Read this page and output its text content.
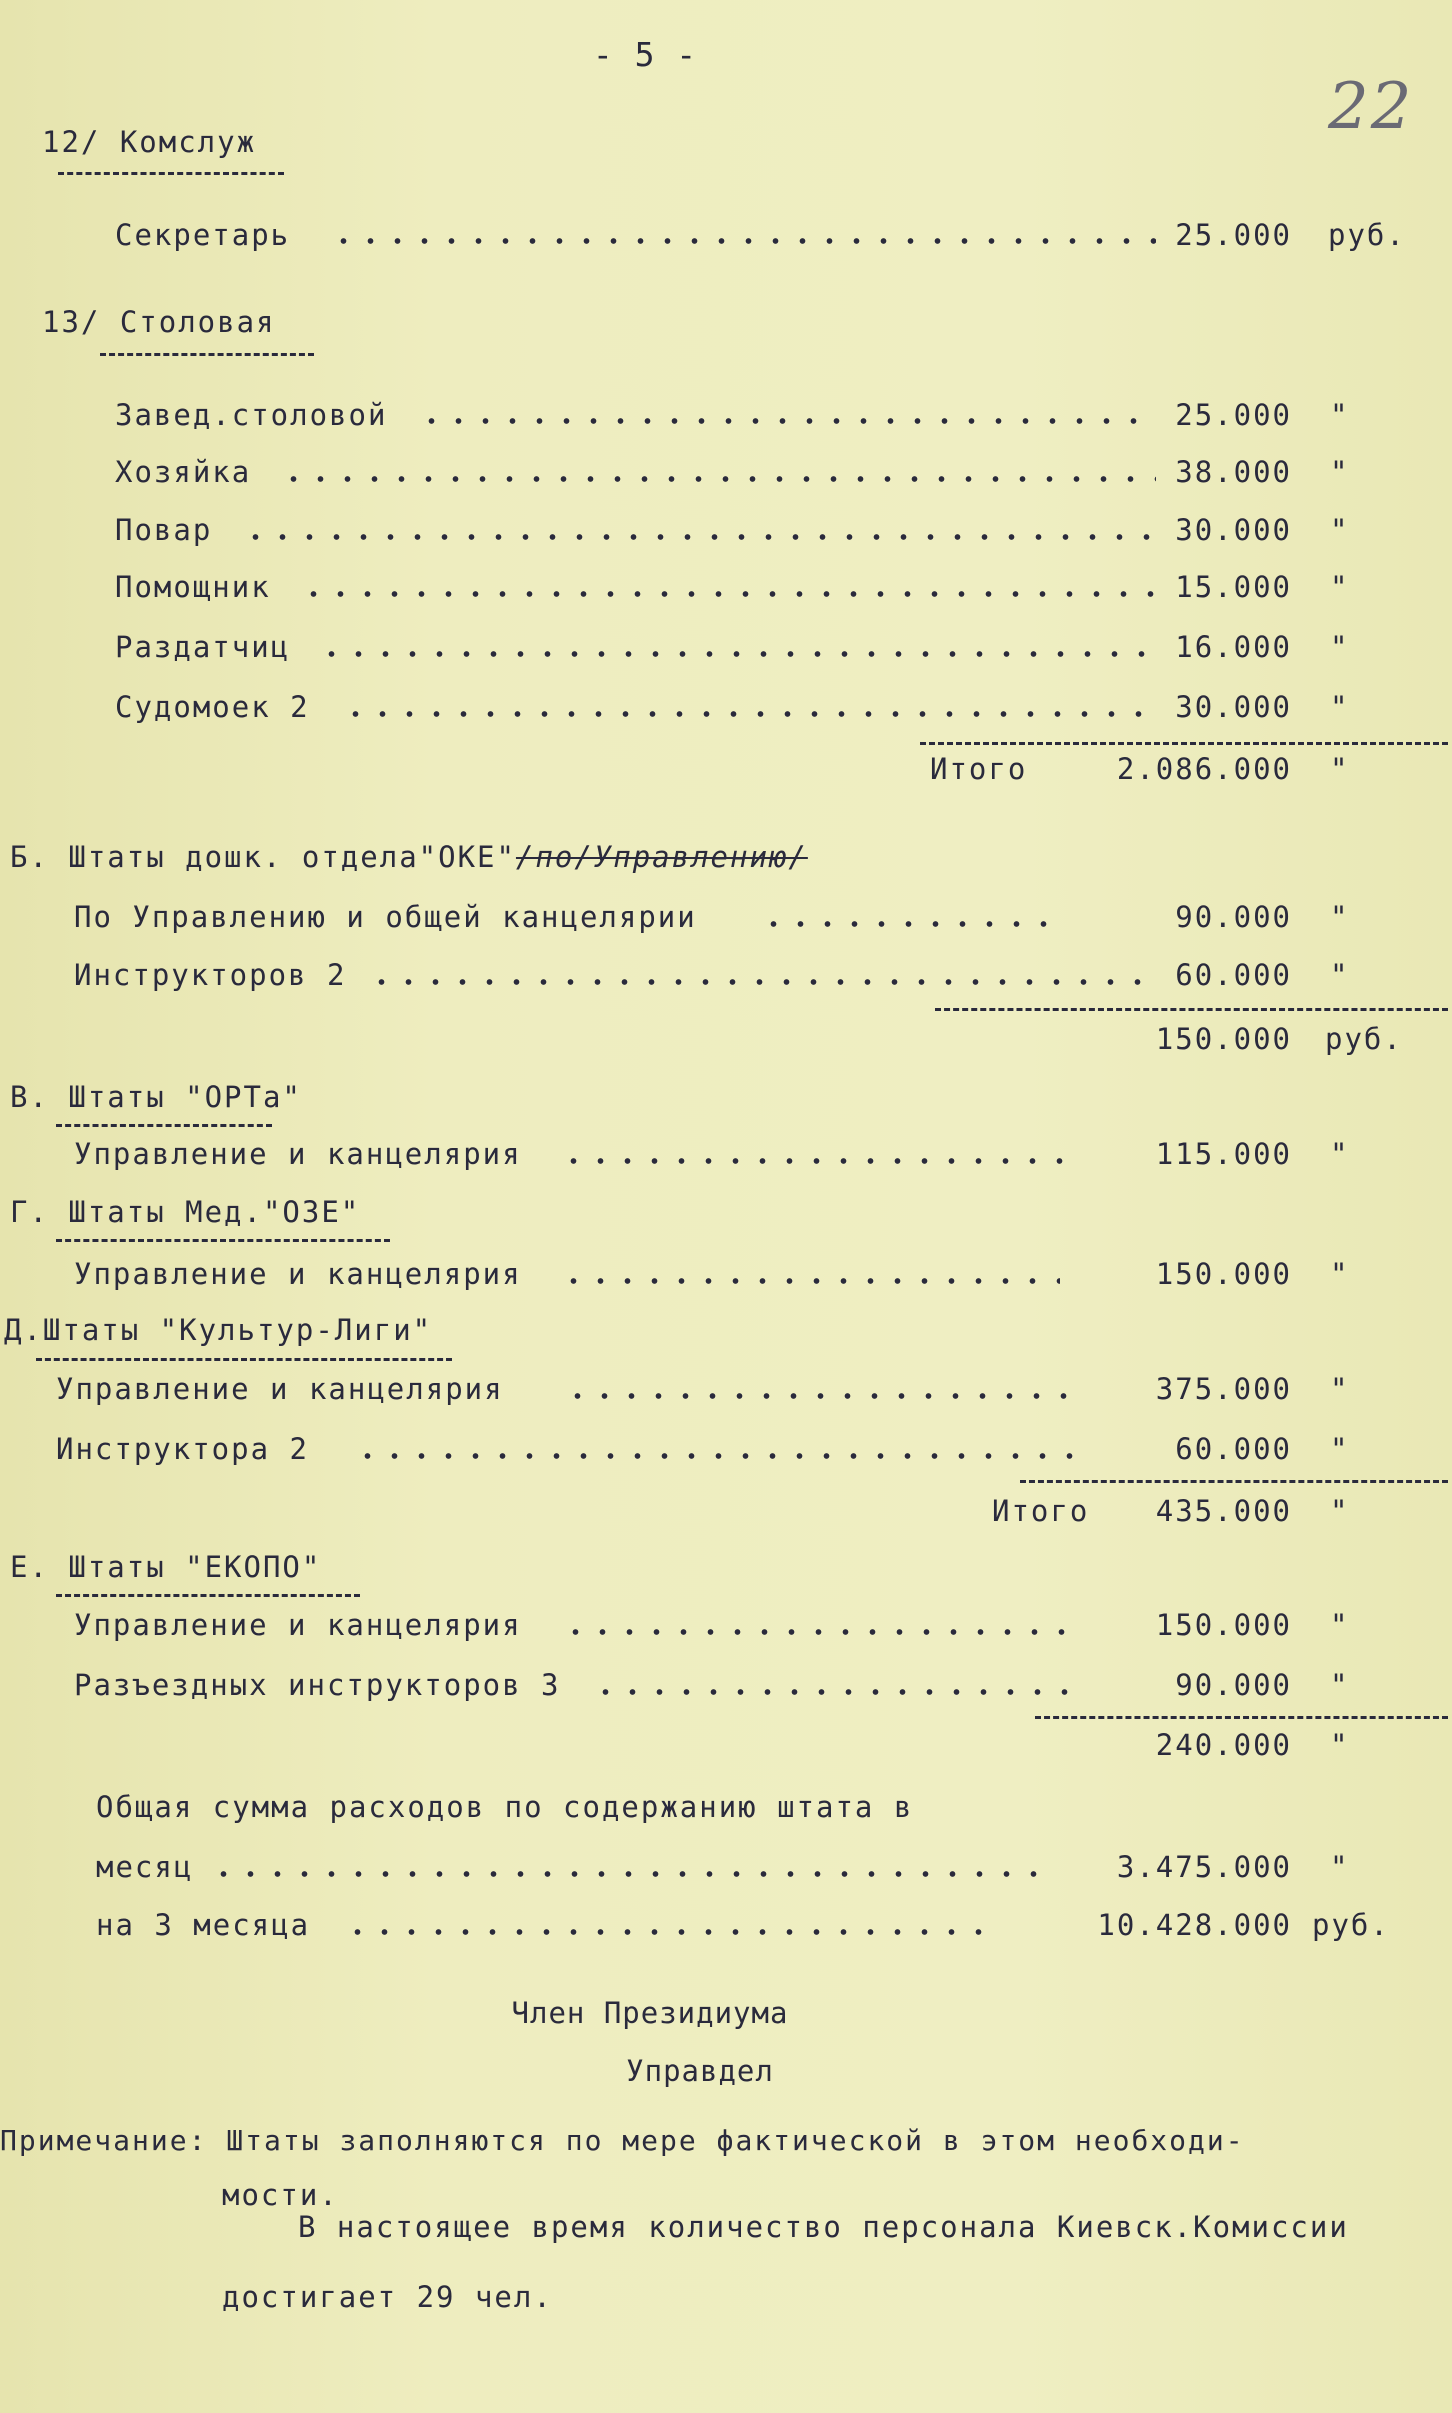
- 5 -
22
12/ Комслуж
Секретарь	25.000 руб.
13/ Столовая
Завед.столовой	25.000 "
Хозяйка	38.000 "
Повар	30.000 "
Помощник	15.000 "
Раздатчиц	16.000 "
Судомоек 2	30.000 "
Итого	2.086.000 "
Б. Штаты дошк. отдела"ОКЕ"/по/Управлению/
По Управлению и общей канцелярии	90.000 "
Инструкторов 2	60.000 "
150.000 руб.
В. Штаты "ОРТа"
Управление и канцелярия	115.000 "
Г. Штаты Мед."ОЗЕ"
Управление и канцелярия	150.000 "
Д.Штаты "Культур-Лиги"
Управление и канцелярия	375.000 "
Инструктора 2	60.000 "
Итого	435.000 "
Е. Штаты "ЕКОПО"
Управление и канцелярия	150.000 "
Разъездных инструкторов 3	90.000 "
240.000 "
Общая сумма расходов по содержанию штата в
месяц	3.475.000 "
на 3 месяца	10.428.000 руб.
Член Президиума
Управдел
Примечание: Штаты заполняются по мере фактической в этом необходи-
мости.
В настоящее время количество персонала Киевск.Комиссии
достигает 29 чел.
